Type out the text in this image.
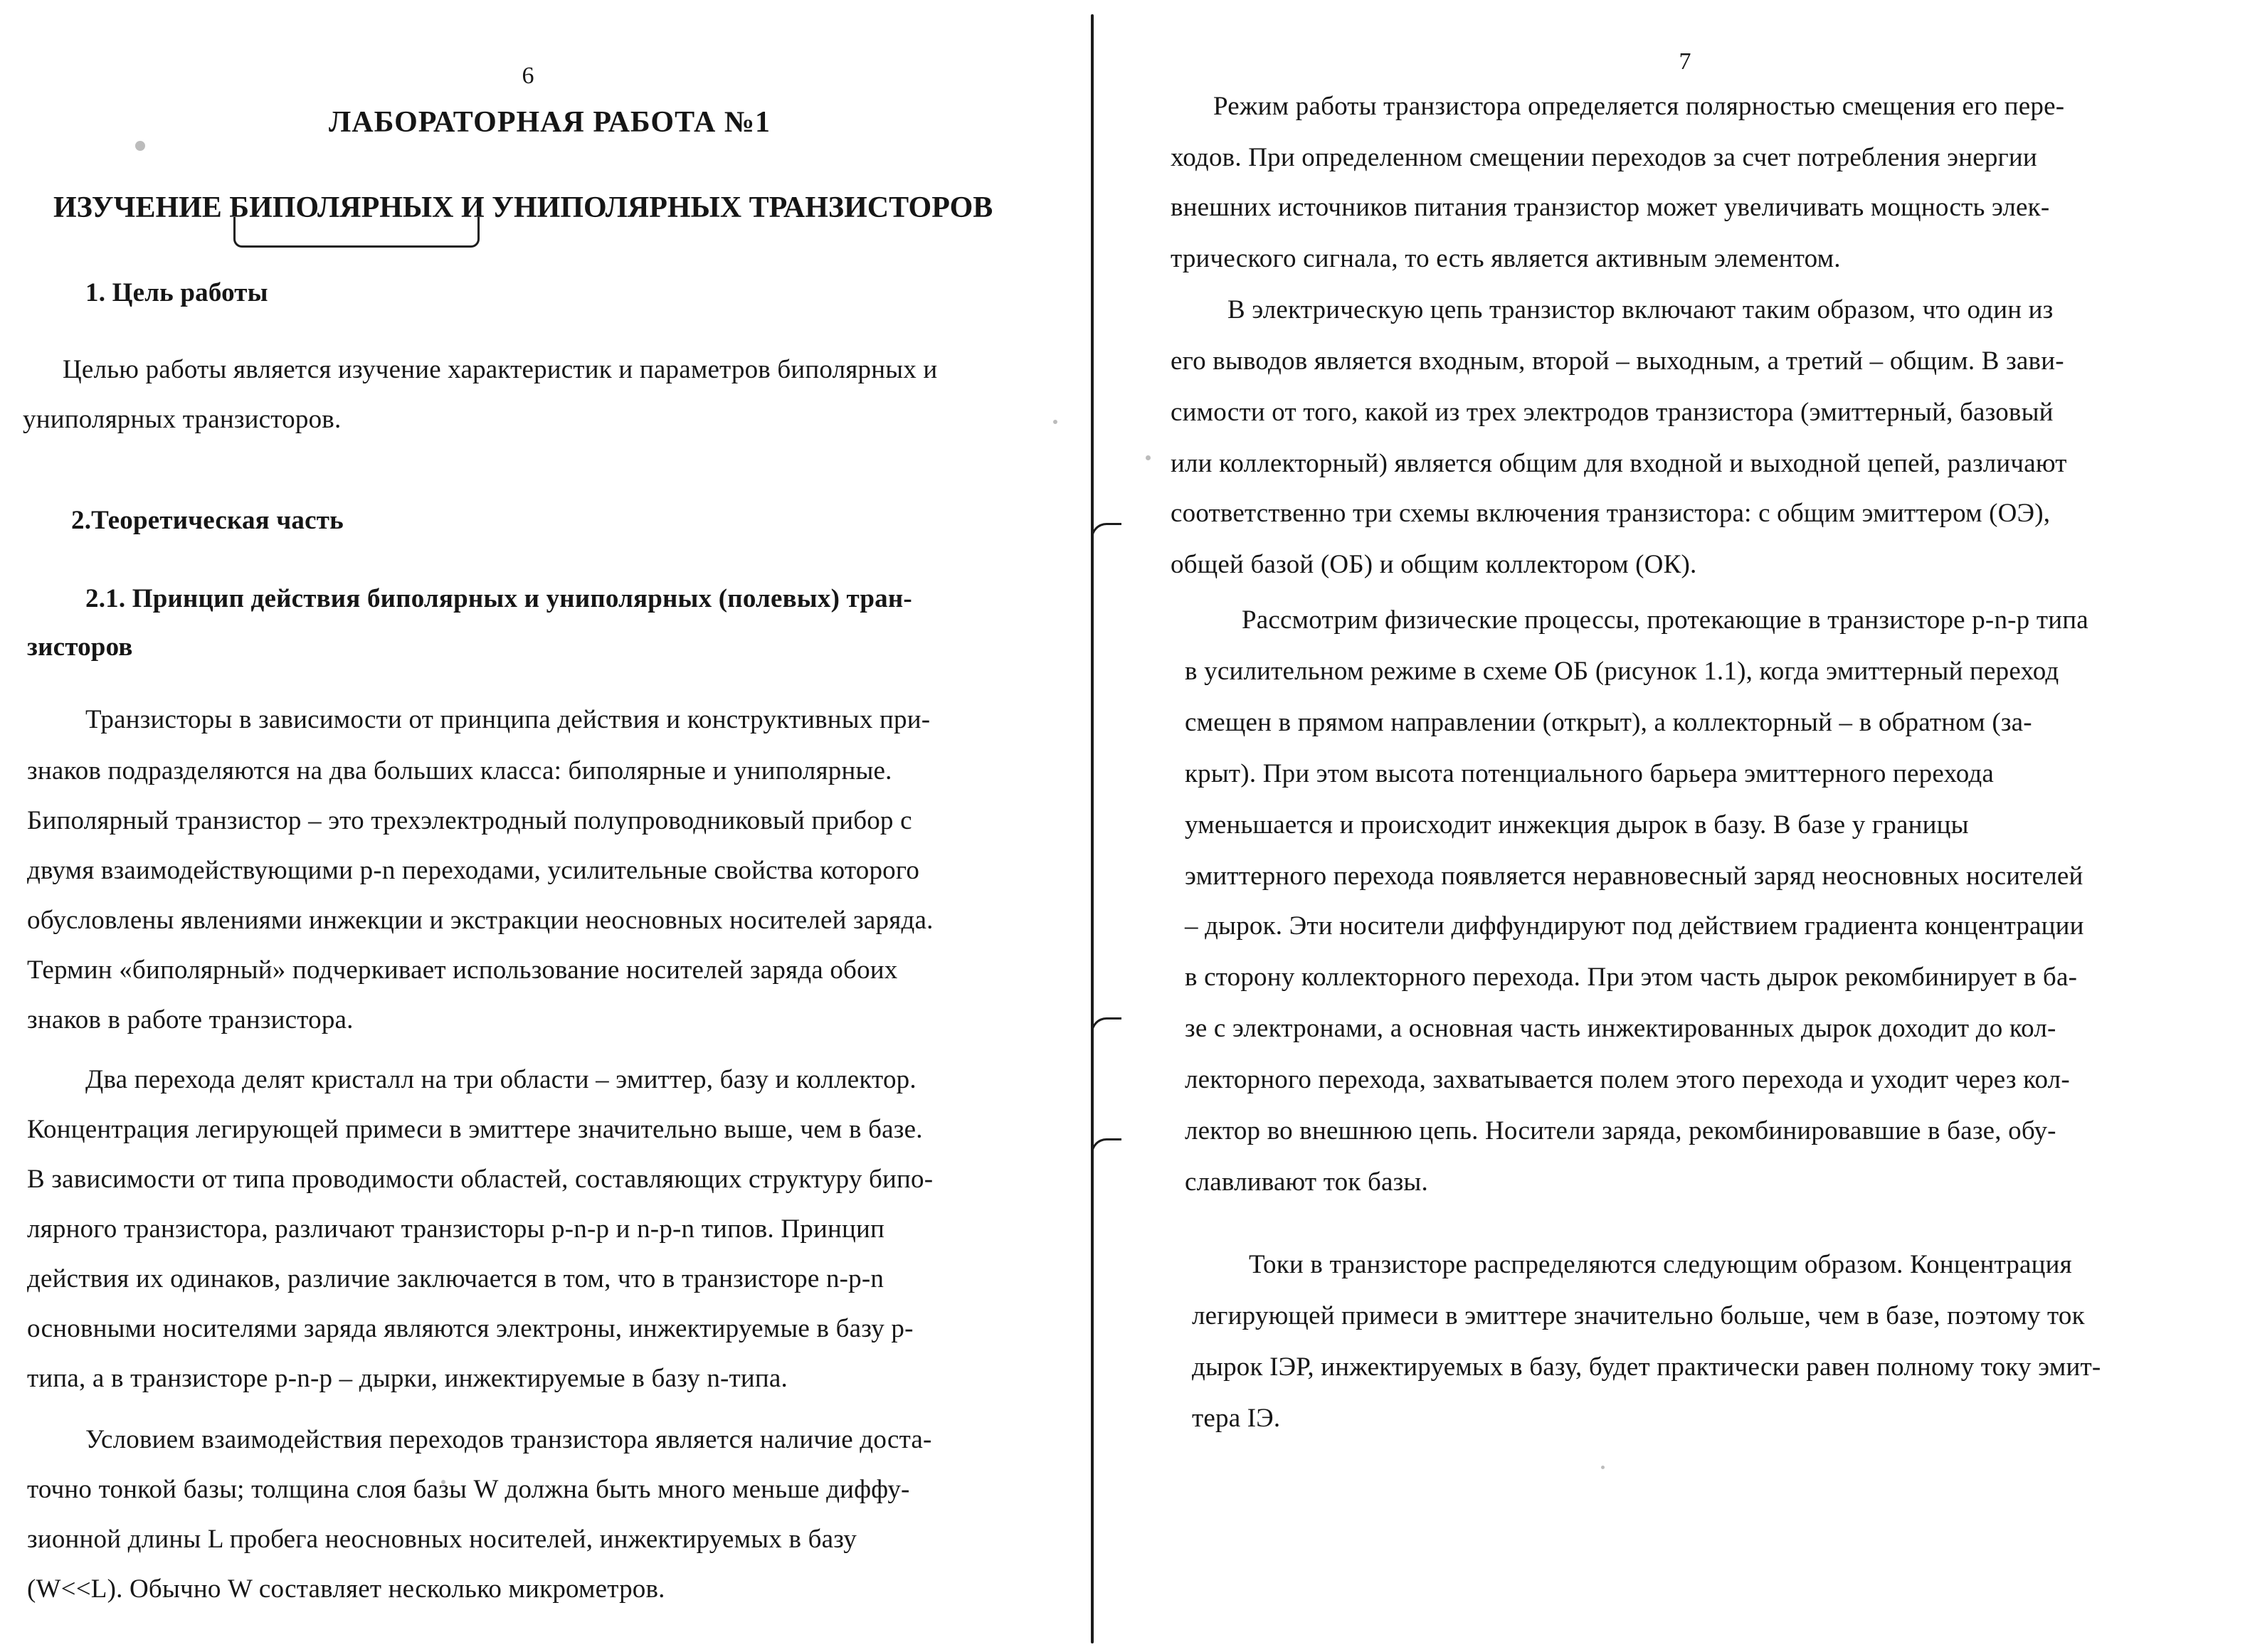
6
ЛАБОРАТОРНАЯ РАБОТА №1
ИЗУЧЕНИЕ БИПОЛЯРНЫХ И УНИПОЛЯРНЫХ ТРАНЗИСТОРОВ
1. Цель работы
Целью работы является изучение характеристик и параметров биполярных и
униполярных транзисторов.
2.Теоретическая часть
2.1. Принцип действия биполярных и униполярных (полевых) тран-
зисторов
Транзисторы в зависимости от принципа действия и конструктивных при-
знаков подразделяются на два больших класса: биполярные и униполярные.
Биполярный транзистор – это трехэлектродный полупроводниковый прибор с
двумя взаимодействующими p-n переходами, усилительные свойства которого
обусловлены явлениями инжекции и экстракции неосновных носителей заряда.
Термин «биполярный» подчеркивает использование носителей заряда обоих
знаков в работе транзистора.
Два перехода делят кристалл на три области – эмиттер, базу и коллектор.
Концентрация легирующей примеси в эмиттере значительно выше, чем в базе.
В зависимости от типа проводимости областей, составляющих структуру бипо-
лярного транзистора, различают транзисторы p-n-p и n-p-n типов. Принцип
действия их одинаков, различие заключается в том, что в транзисторе n-p-n
основными носителями заряда являются электроны, инжектируемые в базу p-
типа, а в транзисторе p-n-p – дырки, инжектируемые в базу n-типа.
Условием взаимодействия переходов транзистора является наличие доста-
точно тонкой базы; толщина слоя базы W должна быть много меньше диффу-
зионной длины L пробега неосновных носителей, инжектируемых в базу
(W<<L). Обычно W составляет несколько микрометров.
7
Режим работы транзистора определяется полярностью смещения его пере-
ходов. При определенном смещении переходов за счет потребления энергии
внешних источников питания транзистор может увеличивать мощность элек-
трического сигнала, то есть является активным элементом.
В электрическую цепь транзистор включают таким образом, что один из
его выводов является входным, второй – выходным, а третий – общим. В зави-
симости от того, какой из трех электродов транзистора (эмиттерный, базовый
или коллекторный) является общим для входной и выходной цепей, различают
соответственно три схемы включения транзистора: с общим эмиттером (ОЭ),
общей базой (ОБ) и общим коллектором (ОК).
Рассмотрим физические процессы, протекающие в транзисторе p-n-p типа
в усилительном режиме в схеме ОБ (рисунок 1.1), когда эмиттерный переход
смещен в прямом направлении (открыт), а коллекторный – в обратном (за-
крыт). При этом высота потенциального барьера эмиттерного перехода
уменьшается и происходит инжекция дырок в базу. В базе у границы
эмиттерного перехода появляется неравновесный заряд неосновных носителей
– дырок. Эти носители диффундируют под действием градиента концентрации
в сторону коллекторного перехода. При этом часть дырок рекомбинирует в ба-
зе с электронами, а основная часть инжектированных дырок доходит до кол-
лекторного перехода, захватывается полем этого перехода и уходит через кол-
лектор во внешнюю цепь. Носители заряда, рекомбинировавшие в базе, обу-
славливают ток базы.
Токи в транзисторе распределяются следующим образом. Концентрация
легирующей примеси в эмиттере значительно больше, чем в базе, поэтому ток
дырок IЭР, инжектируемых в базу, будет практически равен полному току эмит-
тера IЭ.
